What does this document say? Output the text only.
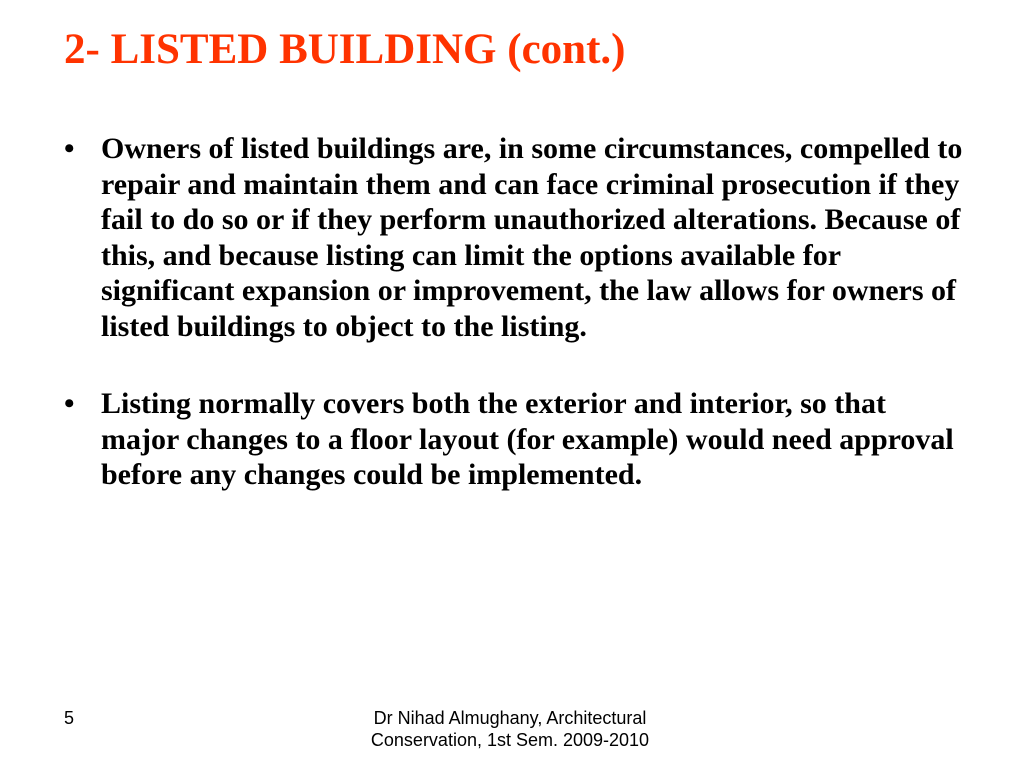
2- LISTED BUILDING (cont.)
• Owners of listed buildings are, in some circumstances, compelled to repair and maintain them and can face criminal prosecution if they fail to do so or if they perform unauthorized alterations. Because of this, and because listing can limit the options available for significant expansion or improvement, the law allows for owners of listed buildings to object to the listing.
• Listing normally covers both the exterior and interior, so that major changes to a floor layout (for example) would need approval before any changes could be implemented.
5	Dr Nihad Almughany, Architectural Conservation, 1st Sem. 2009-2010
